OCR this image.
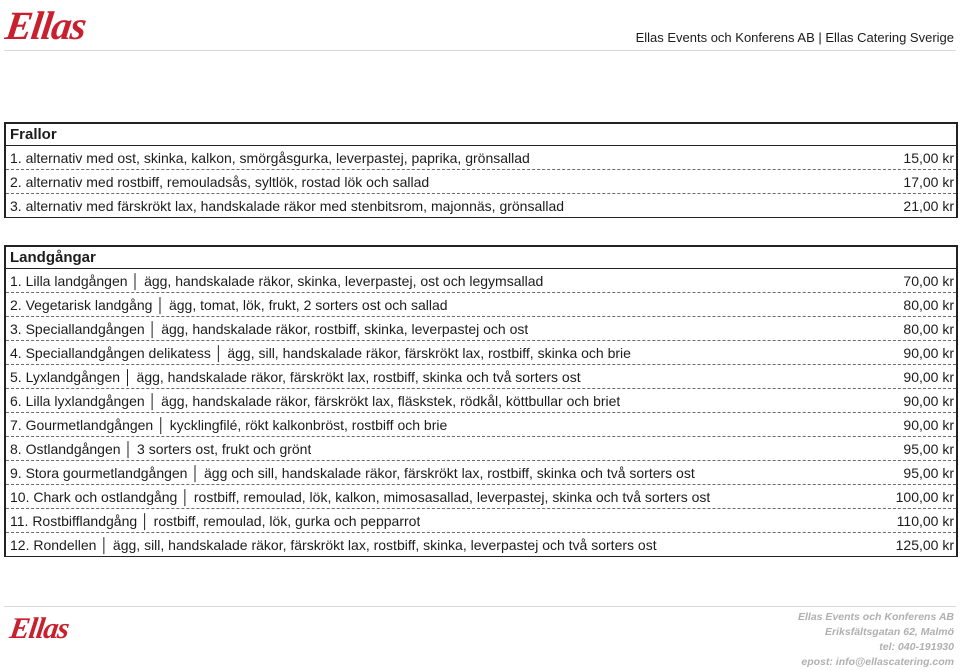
Ellas	Ellas Events och Konferens AB | Ellas Catering Sverige
Frallor
1. alternativ med ost, skinka, kalkon, smörgåsgurka, leverpastej, paprika, grönsallad	15,00 kr
2. alternativ med rostbiff, remouladsås, syltlök, rostad lök och sallad	17,00 kr
3. alternativ med färskrökt lax, handskalade räkor med stenbitsrom, majonnäs, grönsallad	21,00 kr
Landgångar
1. Lilla landgången │ ägg, handskalade räkor, skinka, leverpastej, ost och legymsallad	70,00 kr
2. Vegetarisk landgång │ ägg, tomat, lök, frukt, 2 sorters ost och sallad	80,00 kr
3. Speciallandgången │ ägg, handskalade räkor, rostbiff, skinka, leverpastej och ost	80,00 kr
4. Speciallandgången delikatess │ ägg, sill, handskalade räkor, färskrökt lax, rostbiff, skinka och brie	90,00 kr
5. Lyxlandgången │ ägg, handskalade räkor, färskrökt lax, rostbiff, skinka och två sorters ost	90,00 kr
6. Lilla lyxlandgången │ ägg, handskalade räkor, färskrökt lax, fläskstek, rödkål, köttbullar och briet	90,00 kr
7. Gourmetlandgången │ kycklingfilé, rökt kalkonbröst, rostbiff och brie	90,00 kr
8. Ostlandgången │ 3 sorters ost, frukt och grönt	95,00 kr
9. Stora gourmetlandgången │ ägg och sill, handskalade räkor, färskrökt lax, rostbiff, skinka och två sorters ost	95,00 kr
10. Chark och ostlandgång │ rostbiff, remoulad, lök, kalkon, mimosasallad, leverpastej, skinka och två sorters ost	100,00 kr
11. Rostbifflandgång │ rostbiff, remoulad, lök, gurka och pepparrot	110,00 kr
12. Rondellen │ ägg, sill, handskalade räkor, färskrökt lax, rostbiff, skinka, leverpastej och två sorters ost	125,00 kr
Ellas	Ellas Events och Konferens AB
Eriksfältsgatan 62, Malmö
tel: 040-191930
epost: info@ellascatering.com
